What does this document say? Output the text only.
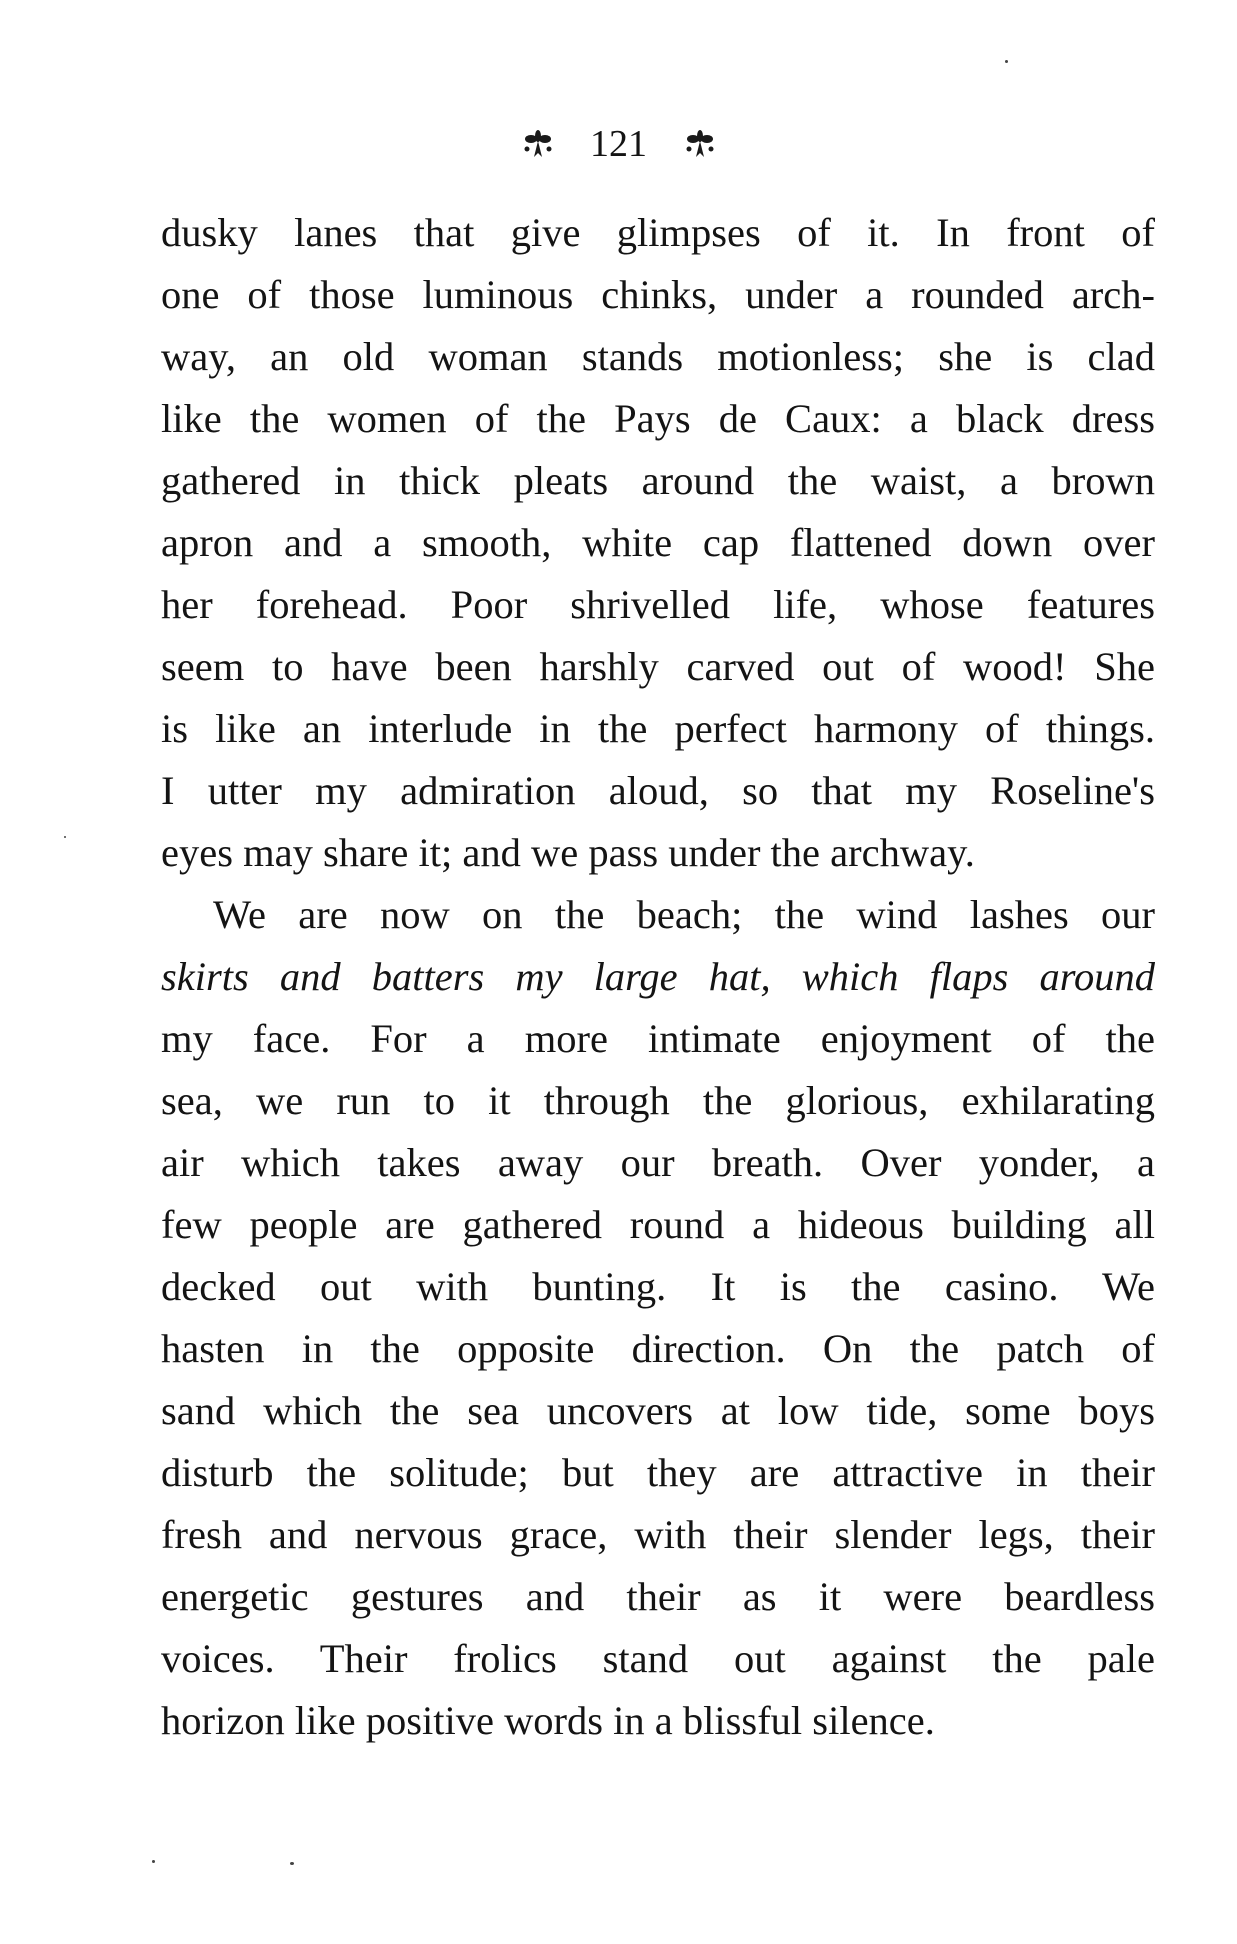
121
dusky lanes that give glimpses of it. In front of
one of those luminous chinks, under a rounded arch-
way, an old woman stands motionless; she is clad
like the women of the Pays de Caux: a black dress
gathered in thick pleats around the waist, a brown
apron and a smooth, white cap flattened down over
her forehead. Poor shrivelled life, whose features
seem to have been harshly carved out of wood! She
is like an interlude in the perfect harmony of things.
I utter my admiration aloud, so that my Roseline's
eyes may share it; and we pass under the archway.
We are now on the beach; the wind lashes our
skirts and batters my large hat, which flaps around
my face. For a more intimate enjoyment of the
sea, we run to it through the glorious, exhilarating
air which takes away our breath. Over yonder, a
few people are gathered round a hideous building all
decked out with bunting. It is the casino. We
hasten in the opposite direction. On the patch of
sand which the sea uncovers at low tide, some boys
disturb the solitude; but they are attractive in their
fresh and nervous grace, with their slender legs, their
energetic gestures and their as it were beardless
voices. Their frolics stand out against the pale
horizon like positive words in a blissful silence.
